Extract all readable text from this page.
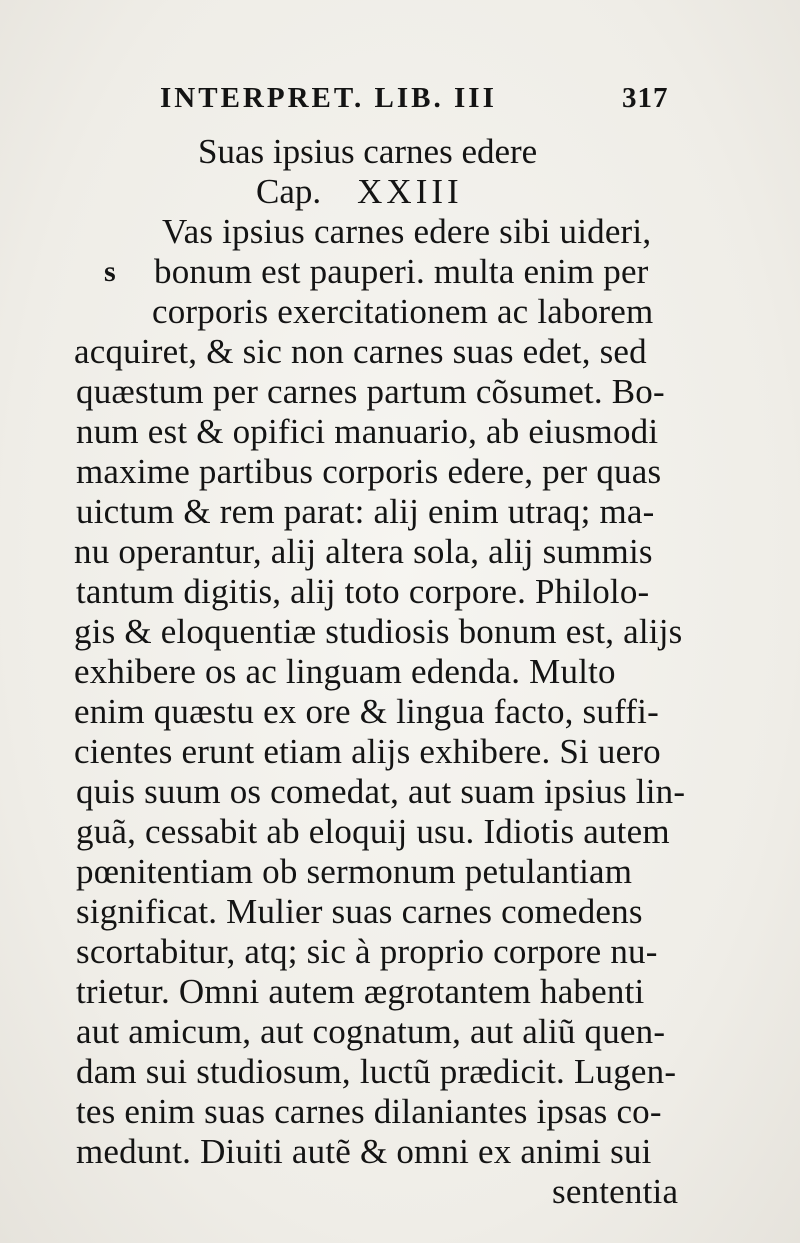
INTERPRET. LIB. III	317
Suas ipsius carnes edere
Cap. XXIII
s
Vas ipsius carnes edere sibi uideri,
bonum est pauperi. multa enim per
corporis exercitationem ac laborem
acquiret, & sic non carnes suas edet, sed
quæstum per carnes partum cõsumet. Bo-
num est & opifici manuario, ab eiusmodi
maxime partibus corporis edere, per quas
uictum & rem parat: alij enim utraq; ma-
nu operantur, alij altera sola, alij summis
tantum digitis, alij toto corpore. Philolo-
gis & eloquentiæ studiosis bonum est, alijs
exhibere os ac linguam edenda. Multo
enim quæstu ex ore & lingua facto, suffi-
cientes erunt etiam alijs exhibere. Si uero
quis suum os comedat, aut suam ipsius lin-
guã, cessabit ab eloquij usu. Idiotis autem
pœnitentiam ob sermonum petulantiam
significat. Mulier suas carnes comedens
scortabitur, atq; sic à proprio corpore nu-
trietur. Omni autem ægrotantem habenti
aut amicum, aut cognatum, aut aliũ quen-
dam sui studiosum, luctũ prædicit. Lugen-
tes enim suas carnes dilaniantes ipsas co-
medunt. Diuiti autẽ & omni ex animi sui
sententia
